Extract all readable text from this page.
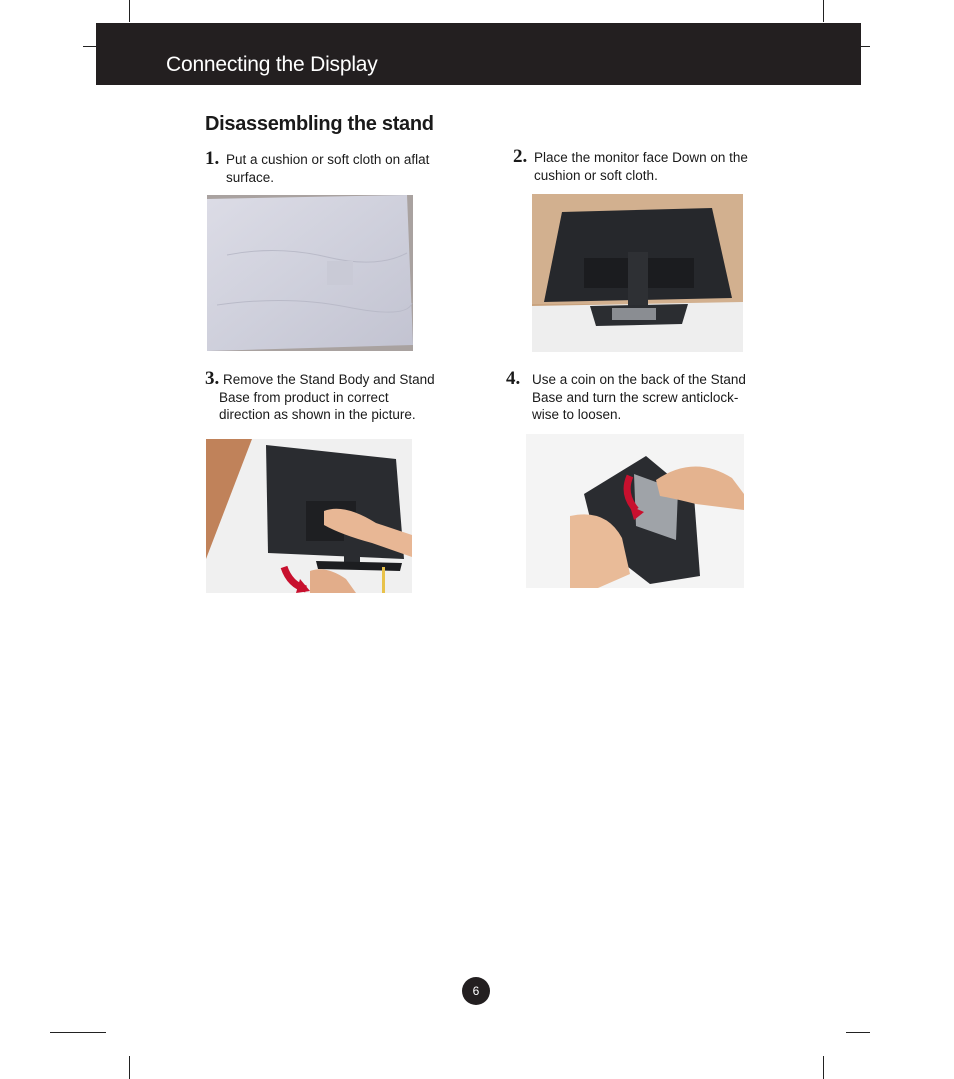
Connecting the Display
Disassembling the stand
1. Put a cushion or soft cloth on aflat
surface.
2. Place the monitor face Down on the
cushion or soft cloth.
3. Remove the Stand Body and Stand
Base from product in correct
direction as shown in the picture.
4. Use a coin on the back of the Stand
Base and turn the screw anticlock-
wise to loosen.
6
